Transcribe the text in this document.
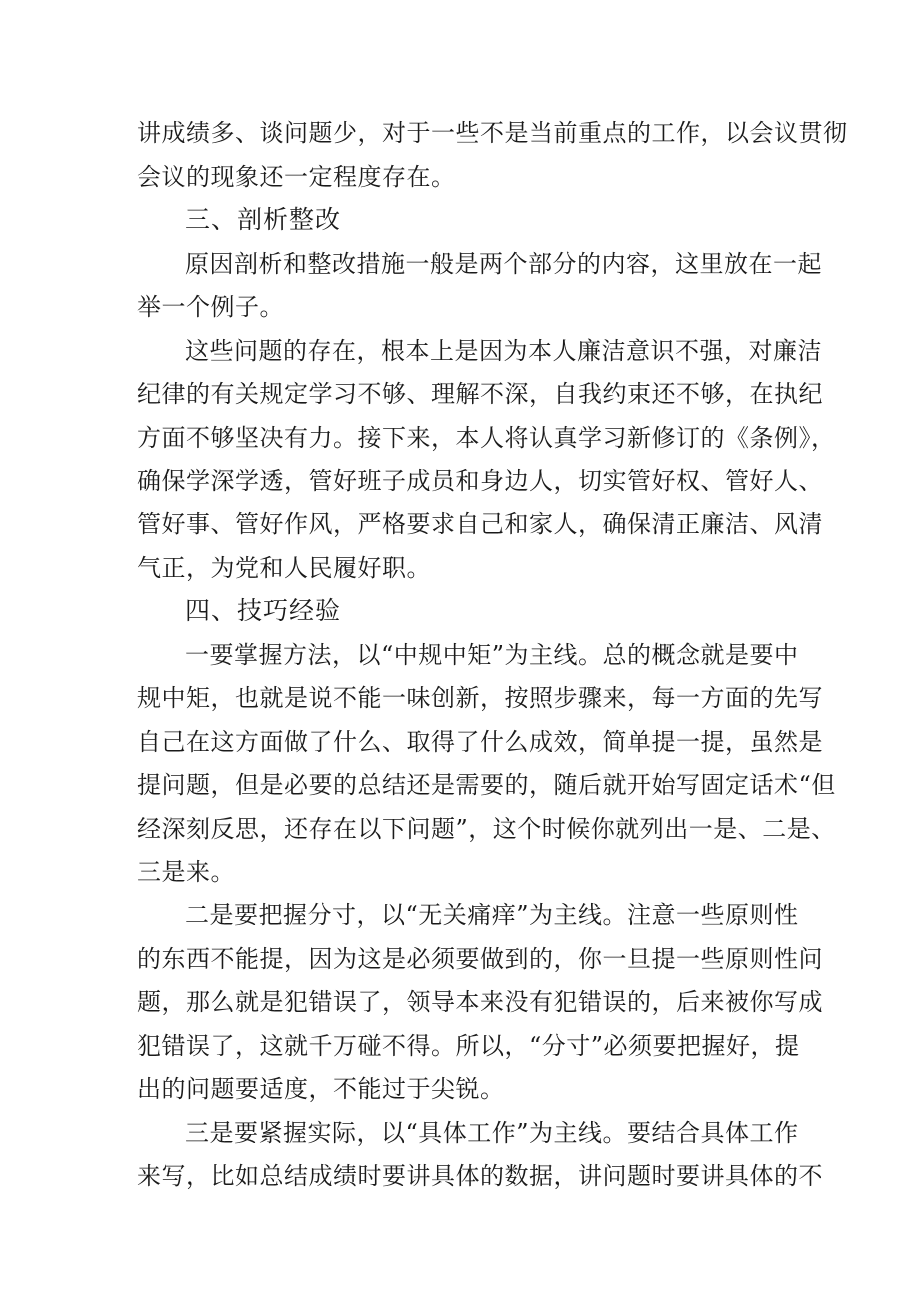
讲成绩多、谈问题少，对于一些不是当前重点的工作，以会议贯彻
会议的现象还一定程度存在。
三、剖析整改
原因剖析和整改措施一般是两个部分的内容，这里放在一起
举一个例子。
这些问题的存在，根本上是因为本人廉洁意识不强，对廉洁
纪律的有关规定学习不够、理解不深，自我约束还不够，在执纪
方面不够坚决有力。接下来，本人将认真学习新修订的《条例》，
确保学深学透，管好班子成员和身边人，切实管好权、管好人、
管好事、管好作风，严格要求自己和家人，确保清正廉洁、风清
气正，为党和人民履好职。
四、技巧经验
一要掌握方法，以“中规中矩”为主线。总的概念就是要中
规中矩，也就是说不能一味创新，按照步骤来，每一方面的先写
自己在这方面做了什么、取得了什么成效，简单提一提，虽然是
提问题，但是必要的总结还是需要的，随后就开始写固定话术“但
经深刻反思，还存在以下问题”，这个时候你就列出一是、二是、
三是来。
二是要把握分寸，以“无关痛痒”为主线。注意一些原则性
的东西不能提，因为这是必须要做到的，你一旦提一些原则性问
题，那么就是犯错误了，领导本来没有犯错误的，后来被你写成
犯错误了，这就千万碰不得。所以，“分寸”必须要把握好，提
出的问题要适度，不能过于尖锐。
三是要紧握实际，以“具体工作”为主线。要结合具体工作
来写，比如总结成绩时要讲具体的数据，讲问题时要讲具体的不
